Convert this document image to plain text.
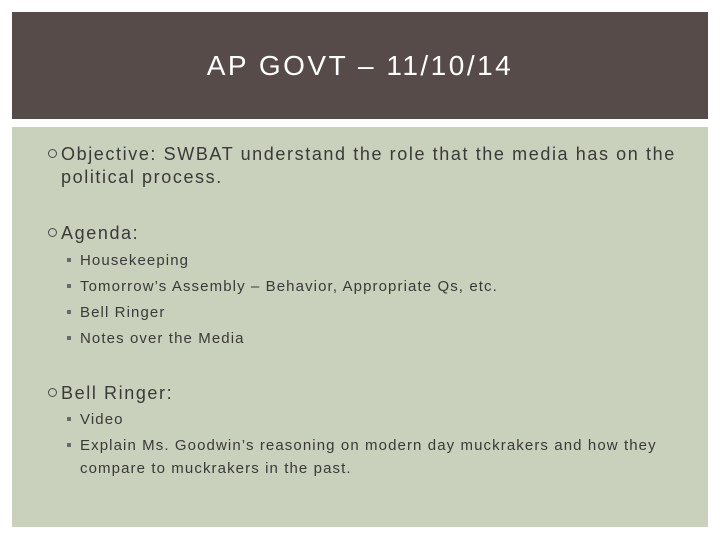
AP GOVT – 11/10/14
Objective: SWBAT understand the role that the media has on the political process.
Agenda:
Housekeeping
Tomorrow’s Assembly – Behavior, Appropriate Qs, etc.
Bell Ringer
Notes over the Media
Bell Ringer:
Video
Explain Ms. Goodwin’s reasoning on modern day muckrakers and how they compare to muckrakers in the past.
